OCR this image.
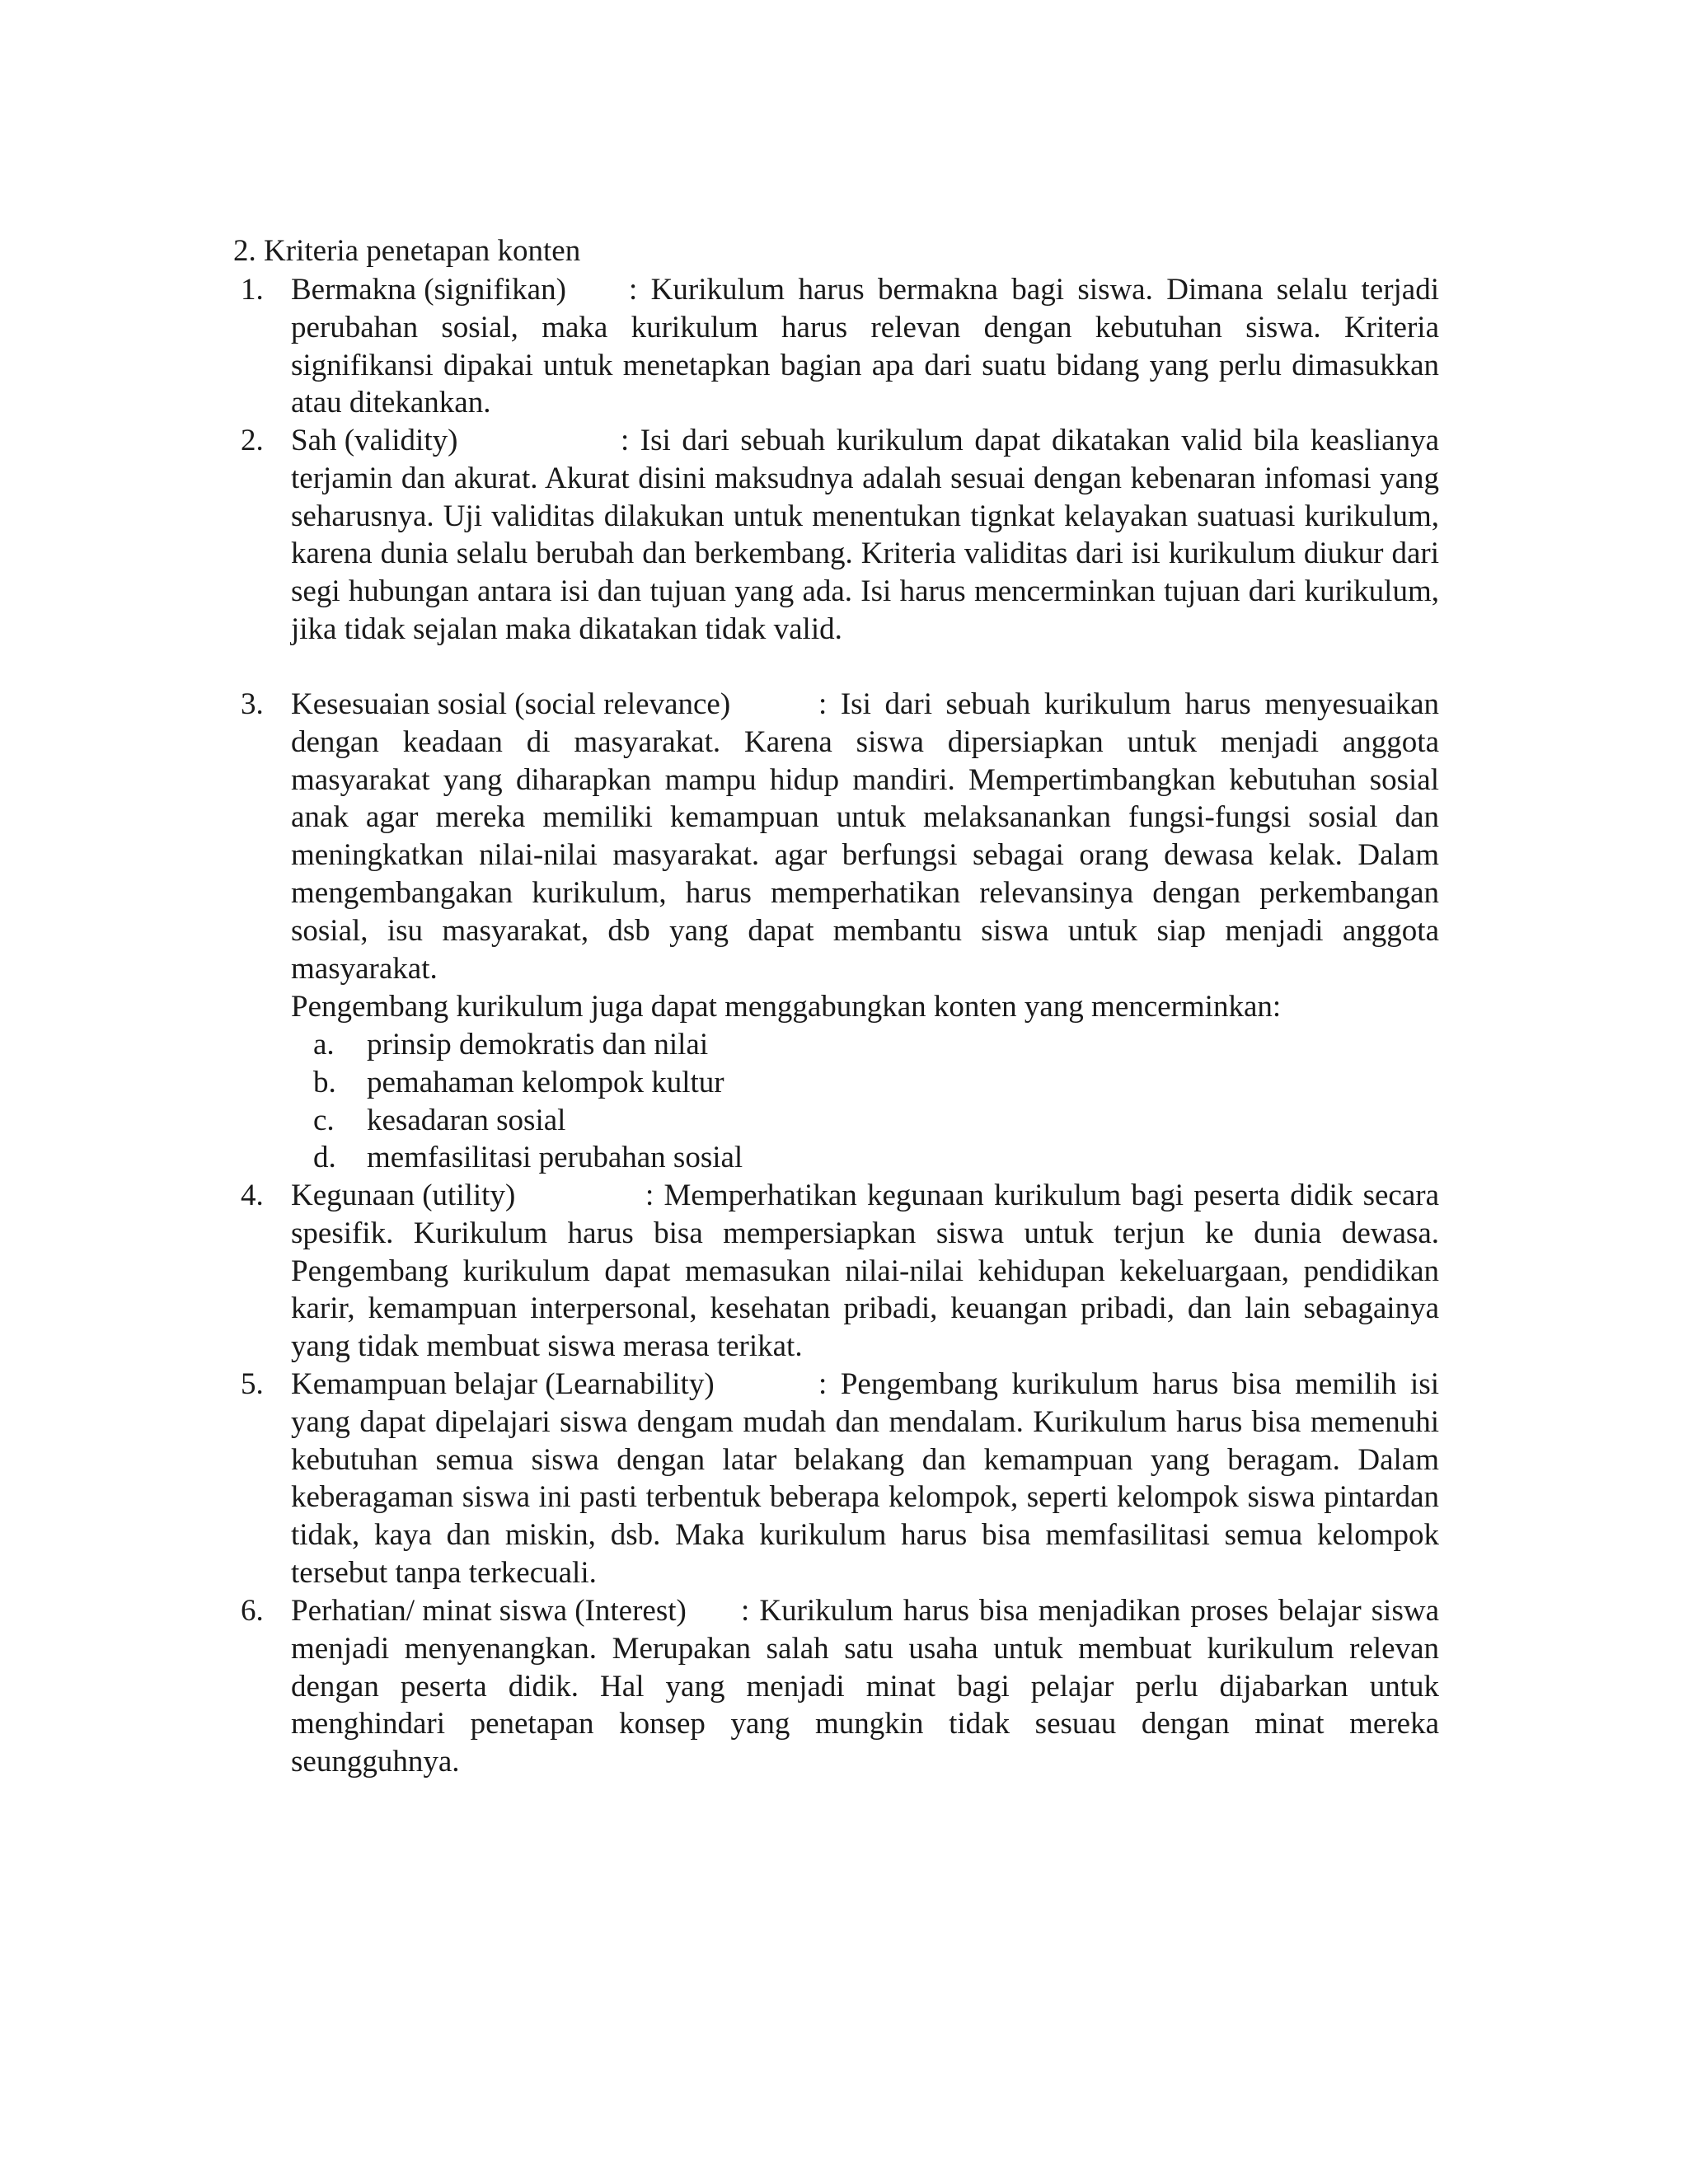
2. Kriteria penetapan konten
1. Bermakna (signifikan) : Kurikulum harus bermakna bagi siswa. Dimana selalu terjadi perubahan sosial, maka kurikulum harus relevan dengan kebutuhan siswa. Kriteria signifikansi dipakai untuk menetapkan bagian apa dari suatu bidang yang perlu dimasukkan atau ditekankan.

2. Sah (validity)	: Isi dari sebuah kurikulum dapat dikatakan valid bila keaslianya terjamin dan akurat. Akurat disini maksudnya adalah sesuai dengan kebenaran infomasi yang seharusnya. Uji validitas dilakukan untuk menentukan tignkat kelayakan suatuasi kurikulum, karena dunia selalu berubah dan berkembang. Kriteria validitas dari isi kurikulum diukur dari segi hubungan antara isi dan tujuan yang ada. Isi harus mencerminkan tujuan dari kurikulum, jika tidak sejalan maka dikatakan tidak valid.

3. Kesesuaian sosial (social relevance)	: Isi dari sebuah kurikulum harus menyesuaikan dengan keadaan di masyarakat. Karena siswa dipersiapkan untuk menjadi anggota masyarakat yang diharapkan mampu hidup mandiri. Mempertimbangkan kebutuhan sosial anak agar mereka memiliki kemampuan untuk melaksanankan fungsi-fungsi sosial dan meningkatkan nilai-nilai masyarakat. agar berfungsi sebagai orang dewasa kelak. Dalam mengembangakan kurikulum, harus memperhatikan relevansinya dengan perkembangan sosial, isu masyarakat, dsb yang dapat membantu siswa untuk siap menjadi anggota masyarakat.

Pengembang kurikulum juga dapat menggabungkan konten yang mencerminkan:

a. prinsip demokratis dan nilai
b. pemahaman kelompok kultur
c. kesadaran sosial
d. memfasilitasi perubahan sosial
4. Kegunaan (utility)	: Memperhatikan kegunaan kurikulum bagi peserta didik secara spesifik. Kurikulum harus bisa mempersiapkan siswa untuk terjun ke dunia dewasa. Pengembang kurikulum dapat memasukan nilai-nilai kehidupan kekeluargaan, pendidikan karir, kemampuan interpersonal, kesehatan pribadi, keuangan pribadi, dan lain sebagainya yang tidak membuat siswa merasa terikat.

5. Kemampuan belajar (Learnability)	: Pengembang kurikulum harus bisa memilih isi yang dapat dipelajari siswa dengam mudah dan mendalam. Kurikulum harus bisa memenuhi kebutuhan semua siswa dengan latar belakang dan kemampuan yang beragam. Dalam keberagaman siswa ini pasti terbentuk beberapa kelompok, seperti kelompok siswa pintardan tidak, kaya dan miskin, dsb. Maka kurikulum harus bisa memfasilitasi semua kelompok tersebut tanpa terkecuali.

6. Perhatian/ minat siswa (Interest) : Kurikulum harus bisa menjadikan proses belajar siswa menjadi menyenangkan. Merupakan salah satu usaha untuk membuat kurikulum relevan dengan peserta didik. Hal yang menjadi minat bagi pelajar perlu dijabarkan untuk menghindari penetapan konsep yang mungkin tidak sesuau dengan minat mereka seungguhnya.
